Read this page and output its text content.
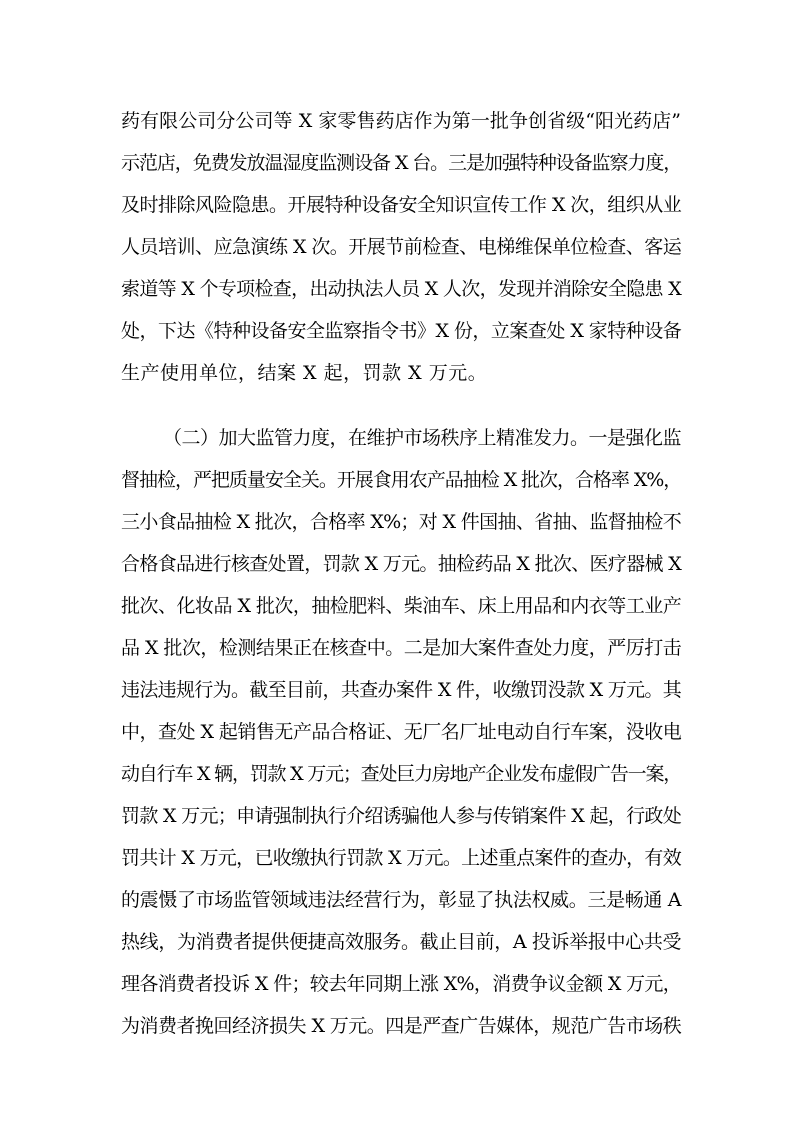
药有限公司分公司等 X 家零售药店作为第一批争创省级“阳光药店”
示范店，免费发放温湿度监测设备 X 台。三是加强特种设备监察力度，
及时排除风险隐患。开展特种设备安全知识宣传工作 X 次，组织从业
人员培训、应急演练 X 次。开展节前检查、电梯维保单位检查、客运
索道等 X 个专项检查，出动执法人员 X 人次，发现并消除安全隐患 X
处，下达《特种设备安全监察指令书》X 份，立案查处 X 家特种设备
生产使用单位，结案 X 起，罚款 X 万元。
（二）加大监管力度，在维护市场秩序上精准发力。一是强化监
督抽检，严把质量安全关。开展食用农产品抽检 X 批次，合格率 X%，
三小食品抽检 X 批次，合格率 X%；对 X 件国抽、省抽、监督抽检不
合格食品进行核查处置，罚款 X 万元。抽检药品 X 批次、医疗器械 X
批次、化妆品 X 批次，抽检肥料、柴油车、床上用品和内衣等工业产
品 X 批次，检测结果正在核查中。二是加大案件查处力度，严厉打击
违法违规行为。截至目前，共查办案件 X 件，收缴罚没款 X 万元。其
中，查处 X 起销售无产品合格证、无厂名厂址电动自行车案，没收电
动自行车 X 辆，罚款 X 万元；查处巨力房地产企业发布虚假广告一案，
罚款 X 万元；申请强制执行介绍诱骗他人参与传销案件 X 起，行政处
罚共计 X 万元，已收缴执行罚款 X 万元。上述重点案件的查办，有效
的震慑了市场监管领域违法经营行为，彰显了执法权威。三是畅通 A
热线，为消费者提供便捷高效服务。截止目前，A 投诉举报中心共受
理各消费者投诉 X 件；较去年同期上涨 X%，消费争议金额 X 万元，
为消费者挽回经济损失 X 万元。四是严查广告媒体，规范广告市场秩
